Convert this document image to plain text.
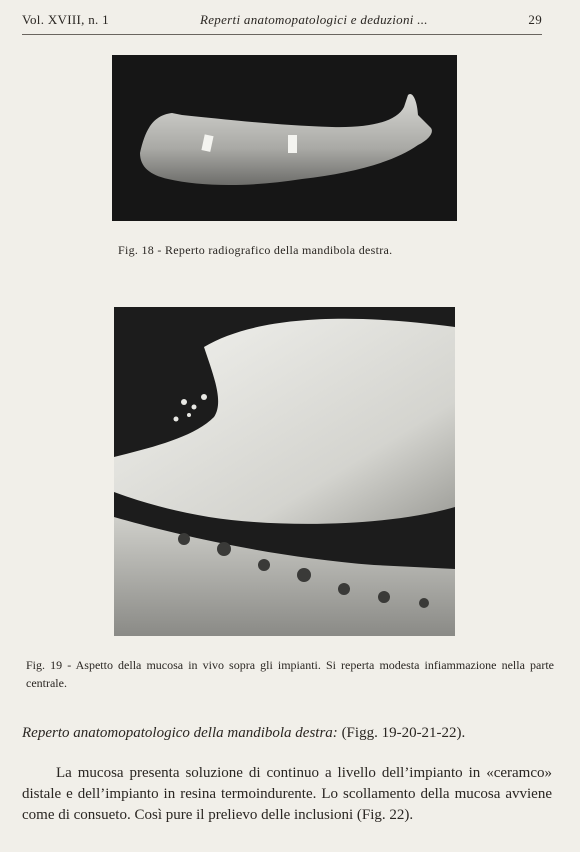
Vol. XVIII, n. 1	Reperti anatomopatologici e deduzioni ...	29
Fig. 18 - Reperto radiografico della mandibola destra.
Fig. 19 - Aspetto della mucosa in vivo sopra gli impianti. Si reperta modesta infiammazione nella parte centrale.
Reperto anatomopatologico della mandibola destra: (Figg. 19-20-21-22).

La mucosa presenta soluzione di continuo a livello dell’impianto in «ceramco» distale e dell’impianto in resina termoindurente. Lo scollamento della mucosa avviene come di consueto. Così pure il prelievo delle inclusioni (Fig. 22).
